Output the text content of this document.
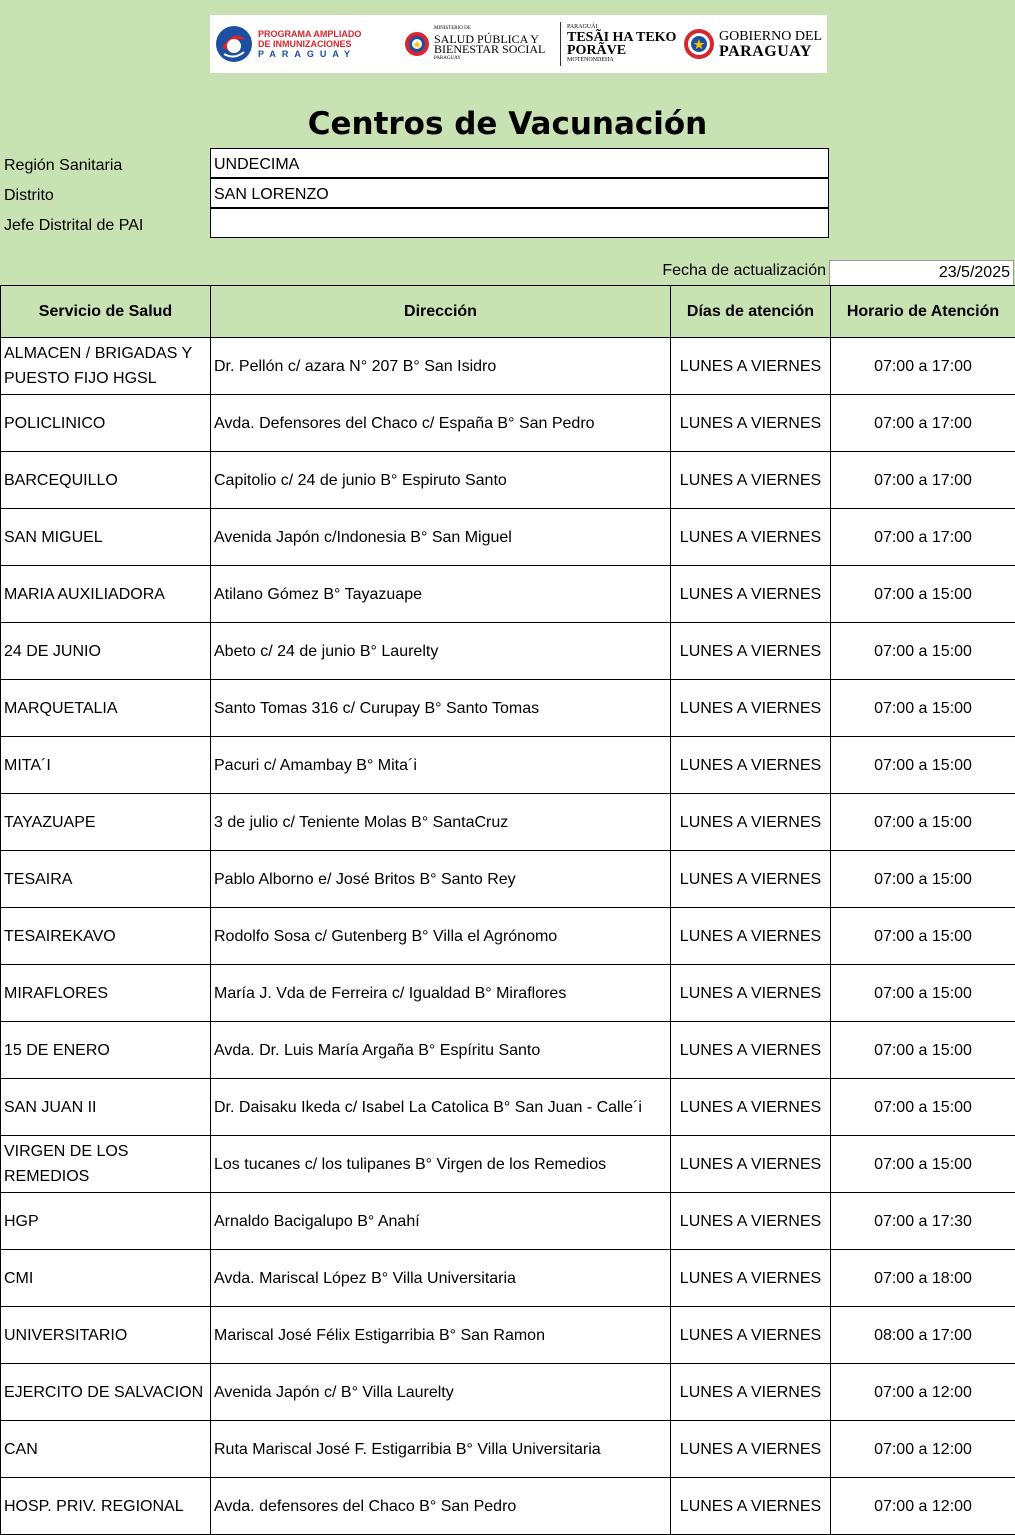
PROGRAMA AMPLIADO
DE INMUNIZACIONES
PARAGUAY
MINISTERIO DE
SALUD PÚBLICA Y
BIENESTAR SOCIAL
PARAGUAY
PARAGUÁI
TESÃI HA TEKO
PORÃVE
MOTENONDEHA
GOBIERNO DEL
PARAGUAY
Centros de Vacunación
Región Sanitaria	UNDECIMA
Distrito	SAN LORENZO
Jefe Distrital de PAI
Fecha de actualización	23/5/2025
Servicio de Salud	Dirección	Días de atención	Horario de Atención
ALMACEN / BRIGADAS Y PUESTO FIJO HGSL	Dr. Pellón c/ azara N° 207 B° San Isidro	LUNES A VIERNES	07:00 a 17:00
POLICLINICO	Avda. Defensores del Chaco c/ España B° San Pedro	LUNES A VIERNES	07:00 a 17:00
BARCEQUILLO	Capitolio c/ 24 de junio B° Espiruto Santo	LUNES A VIERNES	07:00 a 17:00
SAN MIGUEL	Avenida Japón c/Indonesia B° San Miguel	LUNES A VIERNES	07:00 a 17:00
MARIA AUXILIADORA	Atilano Gómez B° Tayazuape	LUNES A VIERNES	07:00 a 15:00
24 DE JUNIO	Abeto c/ 24 de junio B° Laurelty	LUNES A VIERNES	07:00 a 15:00
MARQUETALIA	Santo Tomas 316 c/ Curupay B° Santo Tomas	LUNES A VIERNES	07:00 a 15:00
MITA´I	Pacuri c/ Amambay B° Mita´i	LUNES A VIERNES	07:00 a 15:00
TAYAZUAPE	3 de julio c/ Teniente Molas B° SantaCruz	LUNES A VIERNES	07:00 a 15:00
TESAIRA	Pablo Alborno e/ José Britos B° Santo Rey	LUNES A VIERNES	07:00 a 15:00
TESAIREKAVO	Rodolfo Sosa c/ Gutenberg B° Villa el Agrónomo	LUNES A VIERNES	07:00 a 15:00
MIRAFLORES	María J. Vda de Ferreira c/ Igualdad B° Miraflores	LUNES A VIERNES	07:00 a 15:00
15 DE ENERO	Avda. Dr. Luis María Argaña B° Espíritu Santo	LUNES A VIERNES	07:00 a 15:00
SAN JUAN II	Dr. Daisaku Ikeda c/ Isabel La Catolica B° San Juan - Calle´i	LUNES A VIERNES	07:00 a 15:00
VIRGEN DE LOS REMEDIOS	Los tucanes c/ los tulipanes B° Virgen de los Remedios	LUNES A VIERNES	07:00 a 15:00
HGP	Arnaldo Bacigalupo B° Anahí	LUNES A VIERNES	07:00 a 17:30
CMI	Avda. Mariscal López B° Villa Universitaria	LUNES A VIERNES	07:00 a 18:00
UNIVERSITARIO	Mariscal José Félix Estigarribia B° San Ramon	LUNES A VIERNES	08:00 a 17:00
EJERCITO DE SALVACION	Avenida Japón c/ B° Villa Laurelty	LUNES A VIERNES	07:00 a 12:00
CAN	Ruta Mariscal José F. Estigarribia B° Villa Universitaria	LUNES A VIERNES	07:00 a 12:00
HOSP. PRIV. REGIONAL	Avda. defensores del Chaco B° San Pedro	LUNES A VIERNES	07:00 a 12:00
